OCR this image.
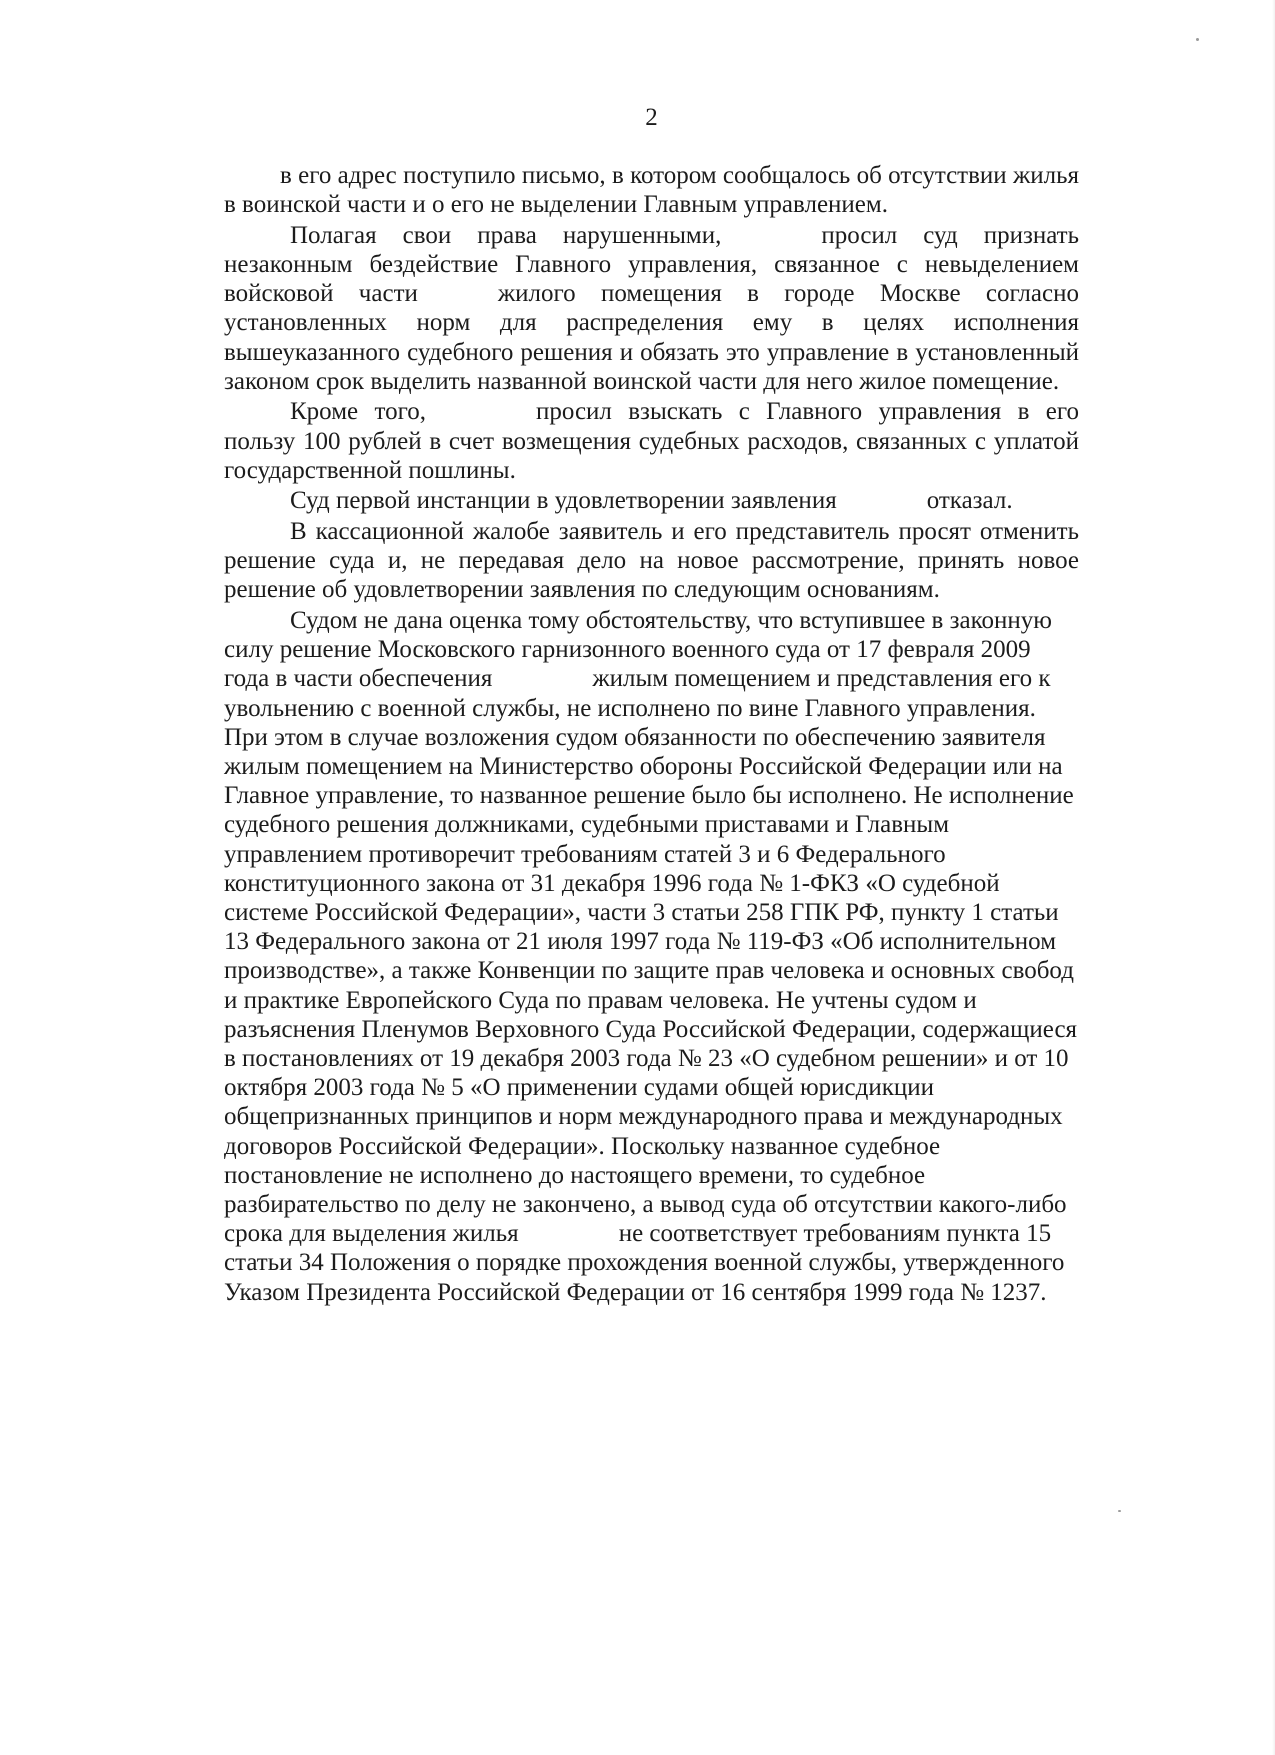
2

в его адрес поступило письмо, в котором сообщалось об отсутствии жилья в воинской части и о его не выделении Главным управлением.

Полагая свои права нарушенными,	просил суд признать незаконным бездействие Главного управления, связанное с невыделением войсковой части	жилого помещения в городе Москве согласно установленных норм для распределения ему в целях исполнения вышеуказанного судебного решения и обязать это управление в установленный законом срок выделить названной воинской части для него жилое помещение.

Кроме того,	просил взыскать с Главного управления в его пользу 100 рублей в счет возмещения судебных расходов, связанных с уплатой государственной пошлины.

Суд первой инстанции в удовлетворении заявления	отказал.

В кассационной жалобе заявитель и его представитель просят отменить решение суда и, не передавая дело на новое рассмотрение, принять новое решение об удовлетворении заявления по следующим основаниям.

Судом не дана оценка тому обстоятельству, что вступившее в законную силу решение Московского гарнизонного военного суда от 17 февраля 2009 года в части обеспечения	жилым помещением и представления его к увольнению с военной службы, не исполнено по вине Главного управления. При этом в случае возложения судом обязанности по обеспечению заявителя жилым помещением на Министерство обороны Российской Федерации или на Главное управление, то названное решение было бы исполнено. Не исполнение судебного решения должниками, судебными приставами и Главным управлением противоречит требованиям статей 3 и 6 Федерального конституционного закона от 31 декабря 1996 года № 1-ФКЗ «О судебной системе Российской Федерации», части 3 статьи 258 ГПК РФ, пункту 1 статьи 13 Федерального закона от 21 июля 1997 года № 119-ФЗ «Об исполнительном производстве», а также Конвенции по защите прав человека и основных свобод и практике Европейского Суда по правам человека. Не учтены судом и разъяснения Пленумов Верховного Суда Российской Федерации, содержащиеся в постановлениях от 19 декабря 2003 года № 23 «О судебном решении» и от 10 октября 2003 года № 5 «О применении судами общей юрисдикции общепризнанных принципов и норм международного права и международных договоров Российской Федерации». Поскольку названное судебное постановление не исполнено до настоящего времени, то судебное разбирательство по делу не закончено, а вывод суда об отсутствии какого-либо срока для выделения жилья	не соответствует требованиям пункта 15 статьи 34 Положения о порядке прохождения военной службы, утвержденного Указом Президента Российской Федерации от 16 сентября 1999 года № 1237.
